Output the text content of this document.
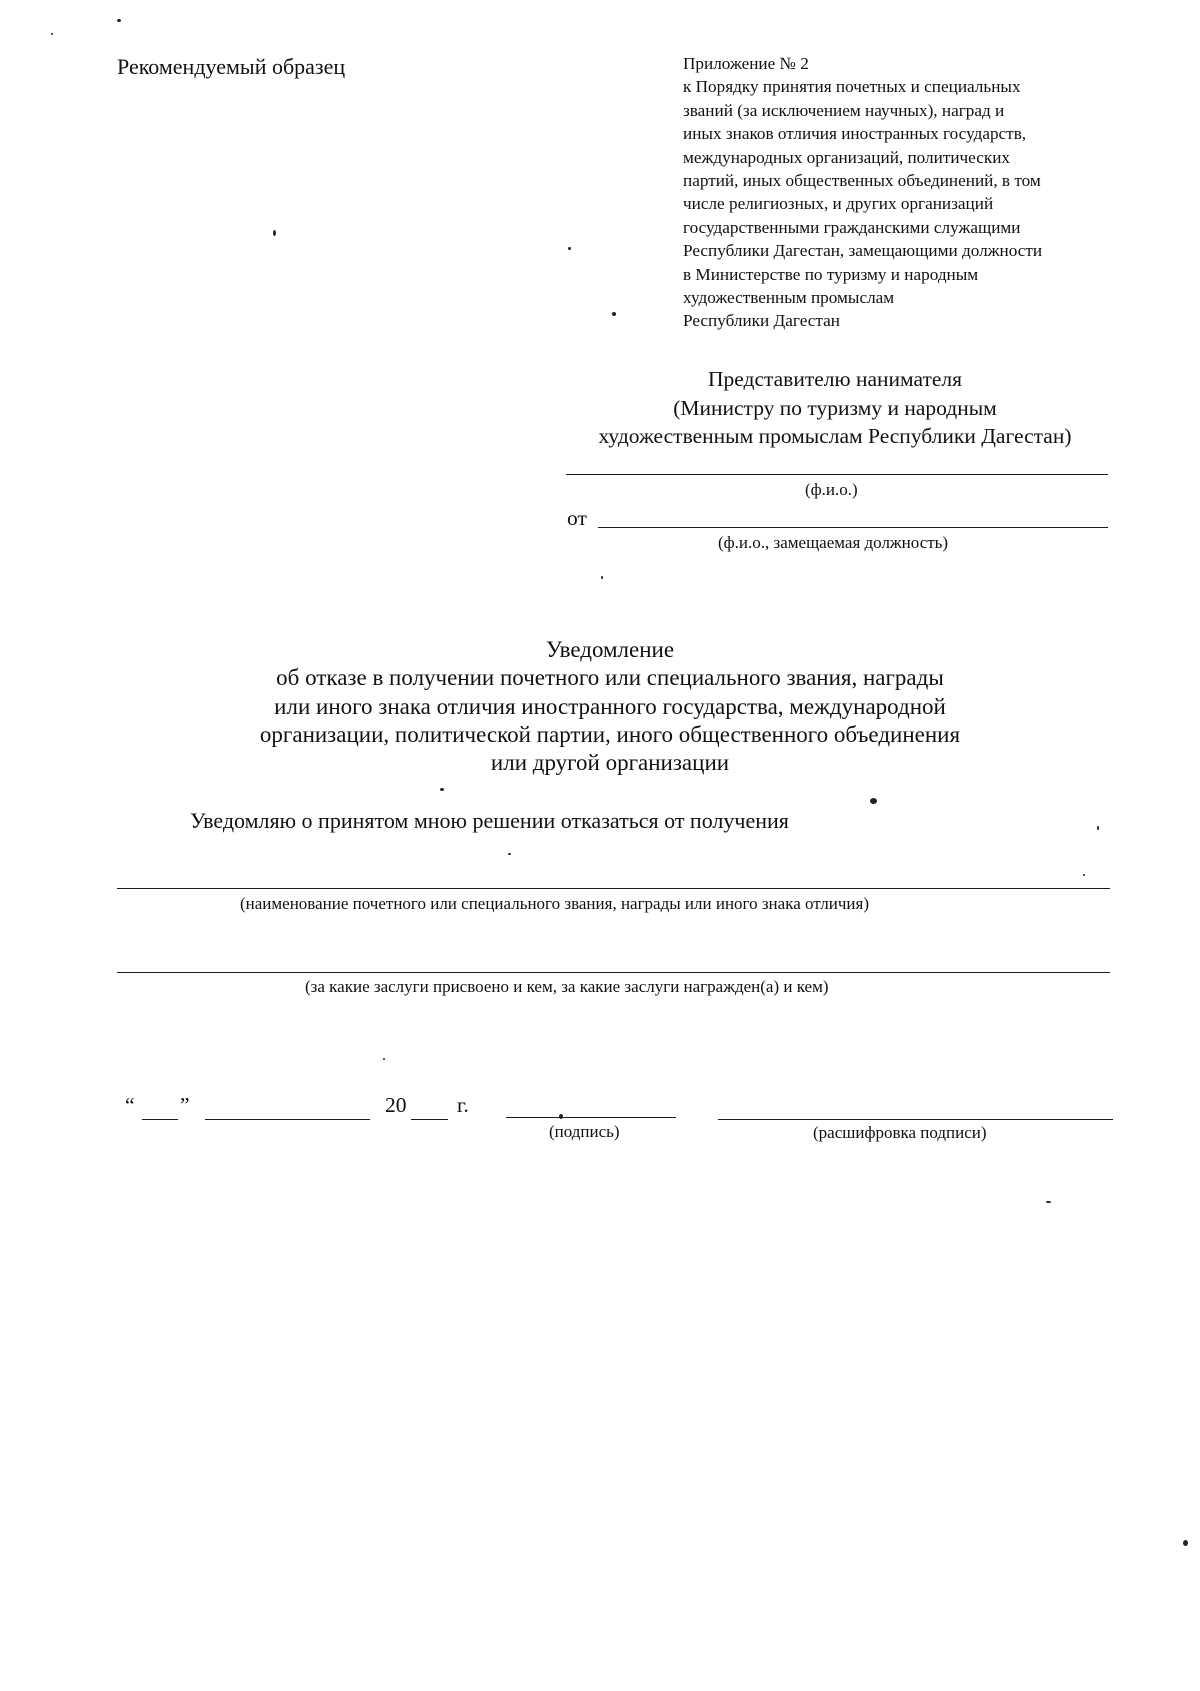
Рекомендуемый образец	Приложение № 2
к Порядку принятия почетных и специальных
званий (за исключением научных), наград и
иных знаков отличия иностранных государств,
международных организаций, политических
партий, иных общественных объединений, в том
числе религиозных, и других организаций
государственными гражданскими служащими
Республики Дагестан, замещающими должности
в Министерстве по туризму и народным
художественным промыслам
Республики Дагестан
Представителю нанимателя
(Министру по туризму и народным
художественным промыслам Республики Дагестан)
(ф.и.о.)
от
(ф.и.о., замещаемая должность)
Уведомление
об отказе в получении почетного или специального звания, награды
или иного знака отличия иностранного государства, международной
организации, политической партии, иного общественного объединения
или другой организации
Уведомляю о принятом мною решении отказаться от получения
(наименование почетного или специального звания, награды или иного знака отличия)
(за какие заслуги присвоено и кем, за какие заслуги награжден(а) и кем)
“ ”	20 г.
(подпись)	(расшифровка подписи)
